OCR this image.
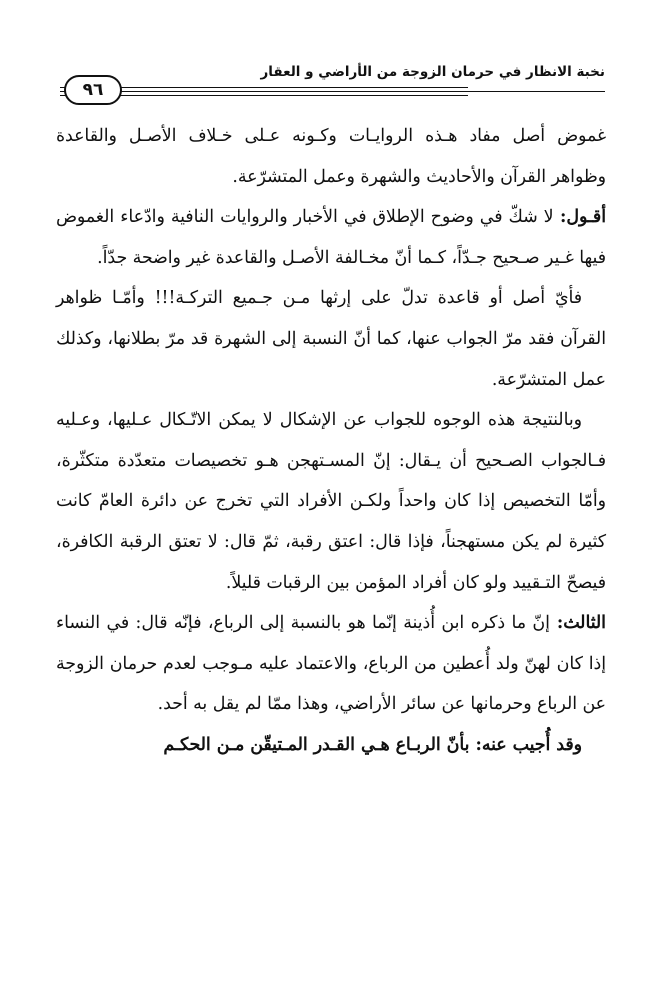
نخبة الانظار في حرمان الزوجة من الأراضي و العقار
٩٦

غموض أصل مفاد هـذه الروايـات وكـونه عـلى خـلاف الأصـل والقاعدة وظواهر القرآن والأحاديث والشهرة وعمل المتشرّعة.

أقـول: لا شكّ في وضوح الإطلاق في الأخبار والروايات النافية وادّعاء الغموض فيها غـير صـحيح جـدّاً، كـما أنّ مخـالفة الأصـل والقاعدة غير واضحة جدّاً.

فأيّ أصل أو قاعدة تدلّ على إرثها مـن جـميع التركـة!!! وأمّـا ظواهر القرآن فقد مرّ الجواب عنها، كما أنّ النسبة إلى الشهرة قد مرّ بطلانها، وكذلك عمل المتشرّعة.

وبالنتيجة هذه الوجوه للجواب عن الإشكال لا يمكن الاتّـكال عـليها، وعـليه فـالجواب الصـحيح أن يـقال: إنّ المسـتهجن هـو تخصيصات متعدّدة متكثّرة، وأمّا التخصيص إذا كان واحداً ولكـن الأفراد التي تخرج عن دائرة العامّ كانت كثيرة لم يكن مستهجناً، فإذا قال: اعتق رقبة، ثمّ قال: لا تعتق الرقبة الكافرة، فيصحّ التـقييد ولو كان أفراد المؤمن بين الرقبات قليلاً.

الثالث: إنّ ما ذكره ابن أُذينة إنّما هو بالنسبة إلى الرباع، فإنّه قال: في النساء إذا كان لهنّ ولد أُعطين من الرباع، والاعتماد عليه مـوجب لعدم حرمان الزوجة عن الرباع وحرمانها عن سائر الأراضي، وهذا ممّا لم يقل به أحد.

وقد أُجيب عنه: بأنّ الربـاع هـي القـدر المـتيقّن مـن الحكـم
